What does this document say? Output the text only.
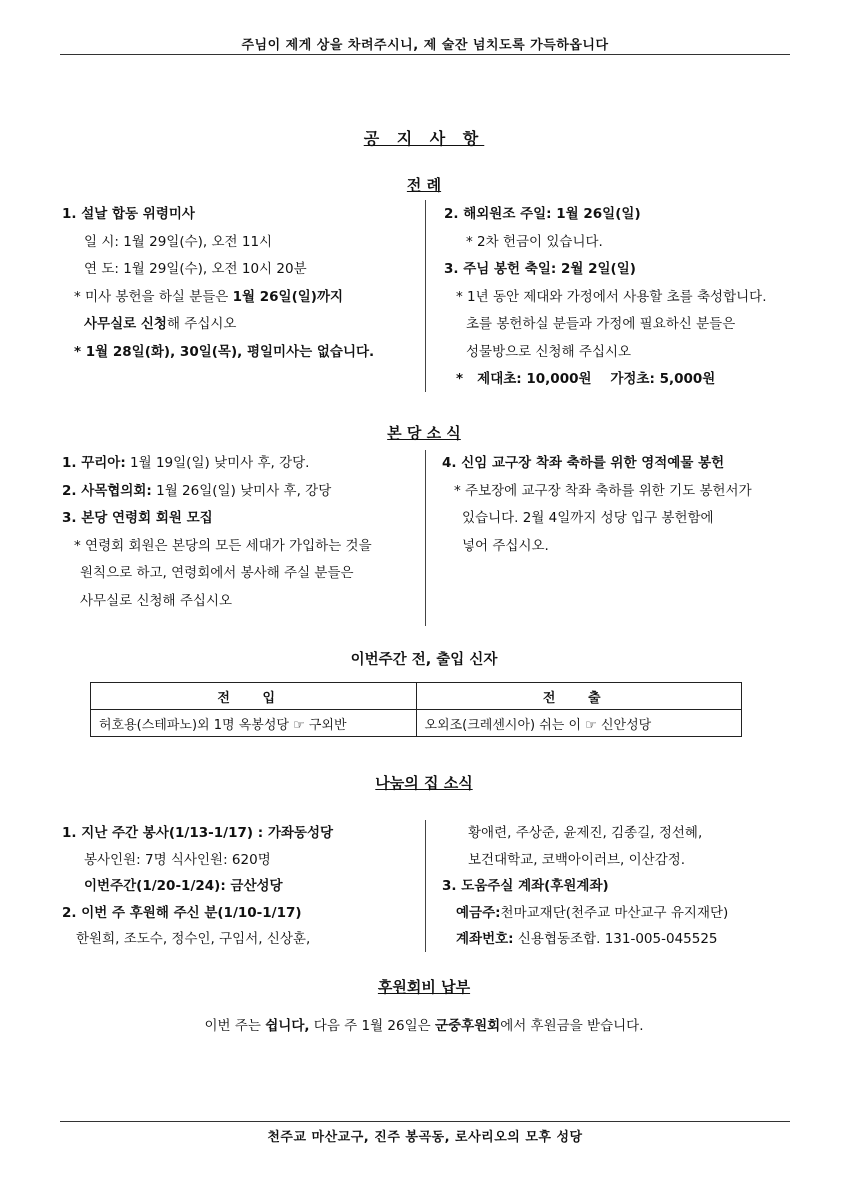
주님이 제게 상을 차려주시니, 제 술잔 넘치도록 가득하옵니다
공 지 사 항
전 례
1. 설날 합동 위령미사
일 시: 1월 29일(수), 오전 11시
연 도: 1월 29일(수), 오전 10시 20분
* 미사 봉헌을 하실 분들은 1월 26일(일)까지
사무실로 신청해 주십시오
* 1월 28일(화), 30일(목), 평일미사는 없습니다.
2. 해외원조 주일: 1월 26일(일)
* 2차 헌금이 있습니다.
3. 주님 봉헌 축일: 2월 2일(일)
* 1년 동안 제대와 가정에서 사용할 초를 축성합니다.
초를 봉헌하실 분들과 가정에 필요하신 분들은
성물방으로 신청해 주십시오
* 제대초: 10,000원 가정초: 5,000원
본 당 소 식
1. 꾸리아: 1월 19일(일) 낮미사 후, 강당.
2. 사목협의회: 1월 26일(일) 낮미사 후, 강당
3. 본당 연령회 회원 모집
* 연령회 회원은 본당의 모든 세대가 가입하는 것을
원칙으로 하고, 연령회에서 봉사해 주실 분들은
사무실로 신청해 주십시오
4. 신임 교구장 착좌 축하를 위한 영적예물 봉헌
* 주보장에 교구장 착좌 축하를 위한 기도 봉헌서가
있습니다. 2월 4일까지 성당 입구 봉헌함에
넣어 주십시오.
이번주간 전, 출입 신자
전 입	전 출
허호용(스테파노)외 1명 옥봉성당 ☞ 구외반	오외조(크레센시아) 쉬는 이 ☞ 신안성당
나눔의 집 소식
1. 지난 주간 봉사(1/13-1/17) : 가좌동성당
봉사인원: 7명 식사인원: 620명
이번주간(1/20-1/24): 금산성당
2. 이번 주 후원해 주신 분(1/10-1/17)
한원희, 조도수, 정수인, 구임서, 신상훈,
황애련, 주상준, 윤제진, 김종길, 정선혜,
보건대학교, 코백아이러브, 이산감정.
3. 도움주실 계좌(후원계좌)
예금주:천마교재단(천주교 마산교구 유지재단)
계좌번호: 신용협동조합. 131-005-045525
후원회비 납부
이번 주는 쉽니다, 다음 주 1월 26일은 군중후원회에서 후원금을 받습니다.
천주교 마산교구, 진주 봉곡동, 로사리오의 모후 성당
